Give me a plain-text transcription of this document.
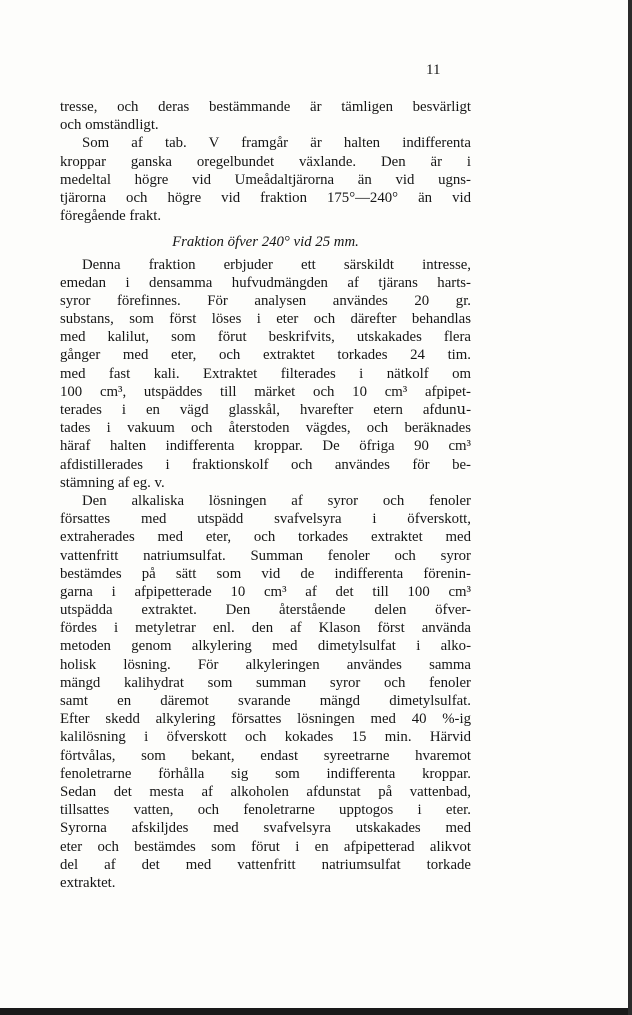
11
tresse, och deras bestämmande är tämligen besvärligt
och omständligt.
Som af tab. V framgår är halten indifferenta
kroppar ganska oregelbundet växlande. Den är i
medeltal högre vid Umeådaltjärorna än vid ugns-
tjärorna och högre vid fraktion 175°—240° än vid
föregående frakt.
Fraktion öfver 240° vid 25 mm.
Denna fraktion erbjuder ett särskildt intresse,
emedan i densamma hufvudmängden af tjärans harts-
syror förefinnes. För analysen användes 20 gr.
substans, som först löses i eter och därefter behandlas
med kalilut, som förut beskrifvits, utskakades flera
gånger med eter, och extraktet torkades 24 tim.
med fast kali. Extraktet filterades i nätkolf om
100 cm³, utspäddes till märket och 10 cm³ afpipet-
terades i en vägd glasskål, hvarefter etern afdunս-
tades i vakuum och återstoden vägdes, och beräknades
häraf halten indifferenta kroppar. De öfriga 90 cm³
afdistillerades i fraktionskolf och användes för be-
stämning af eg. v.
Den alkaliska lösningen af syror och fenoler
försattes med utspädd svafvelsyra i öfverskott,
extraherades med eter, och torkades extraktet med
vattenfritt natriumsulfat. Summan fenoler och syror
bestämdes på sätt som vid de indifferenta förenin-
garna i afpipetterade 10 cm³ af det till 100 cm³
utspädda extraktet. Den återstående delen öfver-
fördes i metyletrar enl. den af Klason först använda
metoden genom alkylering med dimetylsulfat i alko-
holisk lösning. För alkyleringen användes samma
mängd kalihydrat som summan syror och fenoler
samt en däremot svarande mängd dimetylsulfat.
Efter skedd alkylering försattes lösningen med 40 %-ig
kalilösning i öfverskott och kokades 15 min. Härvid
förtvålas, som bekant, endast syreetrarne hvaremot
fenoletrarne förhålla sig som indifferenta kroppar.
Sedan det mesta af alkoholen afdunstat på vattenbad,
tillsattes vatten, och fenoletrarne upptogos i eter.
Syrorna afskiljdes med svafvelsyra utskakades med
eter och bestämdes som förut i en afpipetterad alikvot
del af det med vattenfritt natriumsulfat torkade
extraktet.
